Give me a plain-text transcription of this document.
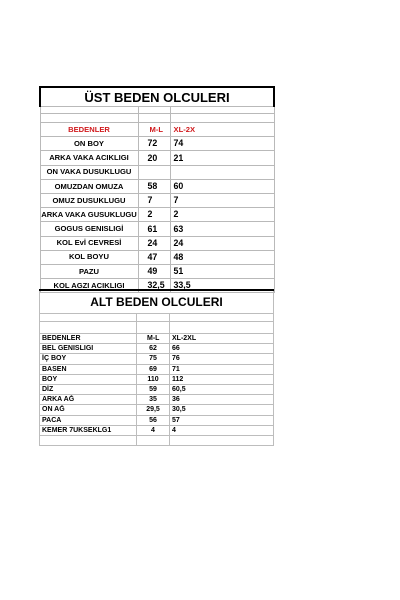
ÜST BEDEN OLCULERI		

BEDENLER	M-L	XL-2X
ON BOY	72	74
ARKA VAKA ACIKLIGI	20	21
ON VAKA DUSUKLUGU		
OMUZDAN OMUZA	58	60
OMUZ DUSUKLUGU	7	7
ARKA VAKA GUSUKLUGU	2	2
GOGUS GENISLIGİ	61	63
KOL Evİ CEVRESİ	24	24
KOL BOYU	47	48
PAZU	49	51
KOL AGZI ACIKLIGI	32,5	33,5
ALT BEDEN OLCULERI		

BEDENLER	M-L	XL-2XL
BEL GENISLIGI	62	66
İÇ BOY	75	76
BASEN	69	71
BOY	110	112
DİZ	59	60,5
ARKA AĞ	35	36
ON AĞ	29,5	30,5
PACA	56	57
KEMER 7UKSEKLG1	4	4
